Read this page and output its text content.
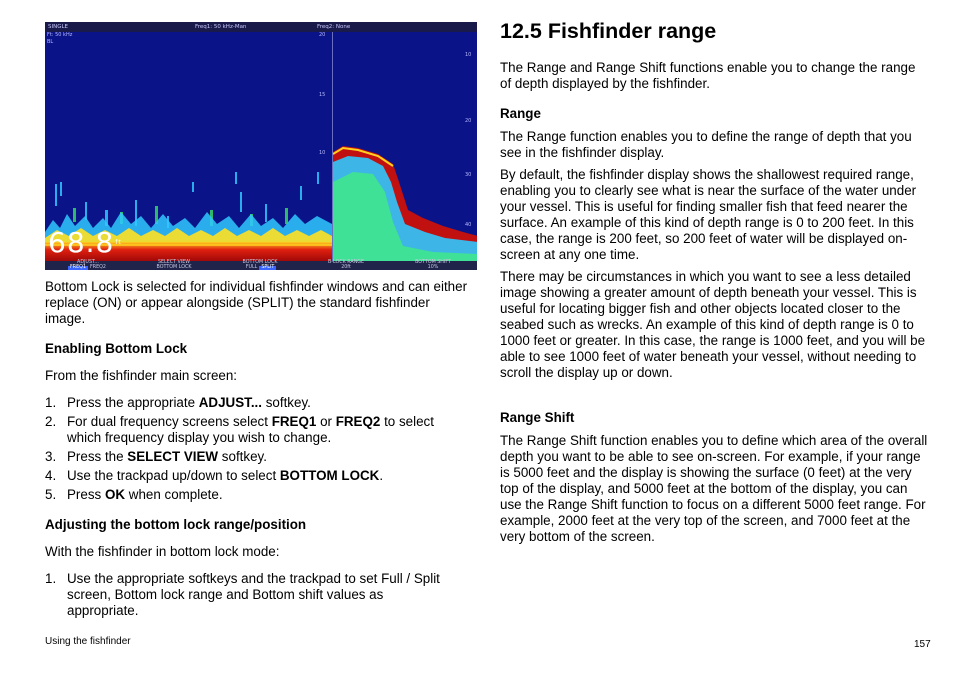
SINGLE	Freq1: 50 kHz-Man	Freq2: None
Ft: 50 kHz
BL
20
15
10
10
20
30
40
$68.8^{ft}$
ADJUST...
FREQ1 FREQ2
SELECT VIEW
BOTTOM LOCK
BOTTOM LOCK
FULL SPLIT
B-LOCK RANGE
20ft
BOTTOM SHIFT
10%

Bottom Lock is selected for individual fishfinder windows and can either replace (ON) or appear alongside (SPLIT) the standard fishfinder image.

Enabling Bottom Lock

From the fishfinder main screen:

1. Press the appropriate ADJUST... softkey.
2. For dual frequency screens select FREQ1 or FREQ2 to select which frequency display you wish to change.
3. Press the SELECT VIEW softkey.
4. Use the trackpad up/down to select BOTTOM LOCK.
5. Press OK when complete.
Adjusting the bottom lock range/position

With the fishfinder in bottom lock mode:

1. Use the appropriate softkeys and the trackpad to set Full / Split screen, Bottom lock range and Bottom shift values as appropriate.
12.5 Fishfinder range

The Range and Range Shift functions enable you to change the range of depth displayed by the fishfinder.

Range

The Range function enables you to define the range of depth that you see in the fishfinder display.

By default, the fishfinder display shows the shallowest required range, enabling you to clearly see what is near the surface of the water under your vessel. This is useful for finding smaller fish that feed nearer the surface. An example of this kind of depth range is 0 to 200 feet. In this case, the range is 200 feet, so 200 feet of water will be displayed on-screen at any one time.

There may be circumstances in which you want to see a less detailed image showing a greater amount of depth beneath your vessel. This is useful for locating bigger fish and other objects located closer to the seabed such as wrecks. An example of this kind of depth range is 0 to 1000 feet or greater. In this case, the range is 1000 feet, and you will be able to see 1000 feet of water beneath your vessel, without needing to scroll the display up or down.

Range Shift

The Range Shift function enables you to define which area of the overall depth you want to be able to see on-screen. For example, if your range is 5000 feet and the display is showing the surface (0 feet) at the very top of the display, and 5000 feet at the bottom of the display, you can use the Range Shift function to focus on a different 5000 feet range. For example, 2000 feet at the very top of the screen, and 7000 feet at the very bottom of the screen.

Using the fishfinder	157
